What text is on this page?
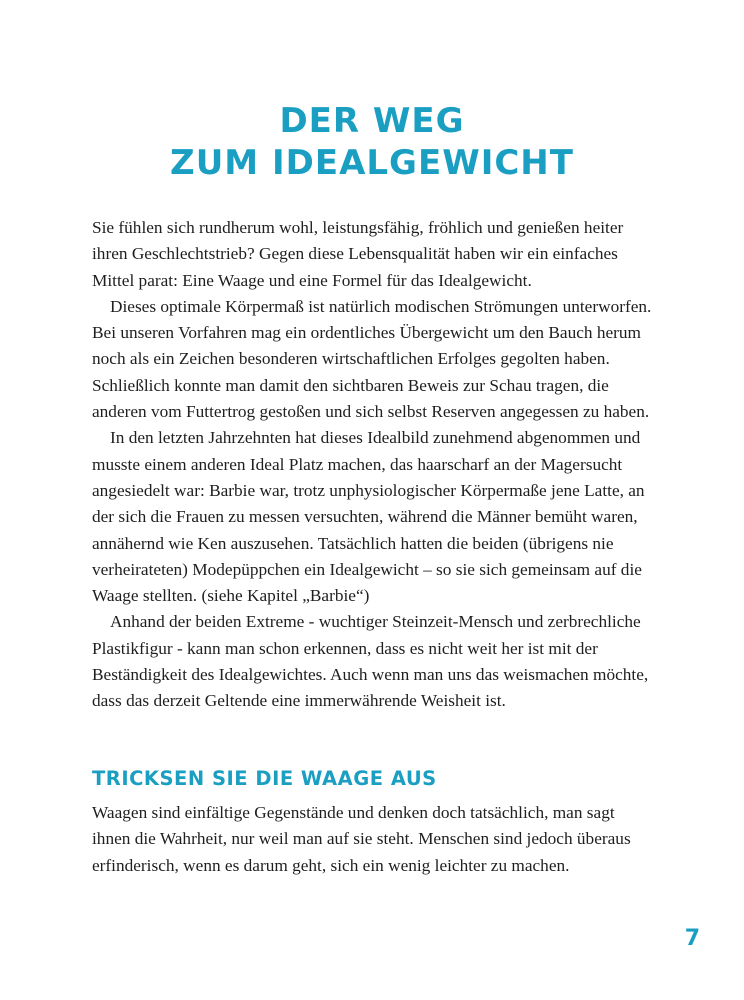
DER WEG
ZUM IDEALGEWICHT

Sie fühlen sich rundherum wohl, leistungsfähig, fröhlich und genießen heiter ihren Geschlechtstrieb? Gegen diese Lebensqualität haben wir ein einfaches Mittel parat: Eine Waage und eine Formel für das Idealgewicht.

Dieses optimale Körpermaß ist natürlich modischen Strömungen unterworfen. Bei unseren Vorfahren mag ein ordentliches Übergewicht um den Bauch herum noch als ein Zeichen besonderen wirtschaftlichen Erfolges gegolten haben. Schließlich konnte man damit den sichtbaren Beweis zur Schau tragen, die anderen vom Futtertrog gestoßen und sich selbst Reserven angegessen zu haben.

In den letzten Jahrzehnten hat dieses Idealbild zunehmend abgenommen und musste einem anderen Ideal Platz machen, das haarscharf an der Magersucht angesiedelt war: Barbie war, trotz unphysiologischer Körpermaße jene Latte, an der sich die Frauen zu messen versuchten, während die Männer bemüht waren, annähernd wie Ken auszusehen. Tatsächlich hatten die beiden (übrigens nie verheirateten) Modepüppchen ein Idealgewicht – so sie sich gemeinsam auf die Waage stellten. (siehe Kapitel „Barbie“)

Anhand der beiden Extreme - wuchtiger Steinzeit-Mensch und zerbrechliche Plastikfigur - kann man schon erkennen, dass es nicht weit her ist mit der Beständigkeit des Idealgewichtes. Auch wenn man uns das weismachen möchte, dass das derzeit Geltende eine immerwährende Weisheit ist.

TRICKSEN SIE DIE WAAGE AUS

Waagen sind einfältige Gegenstände und denken doch tatsächlich, man sagt ihnen die Wahrheit, nur weil man auf sie steht. Menschen sind jedoch überaus erfinderisch, wenn es darum geht, sich ein wenig leichter zu machen.

7
